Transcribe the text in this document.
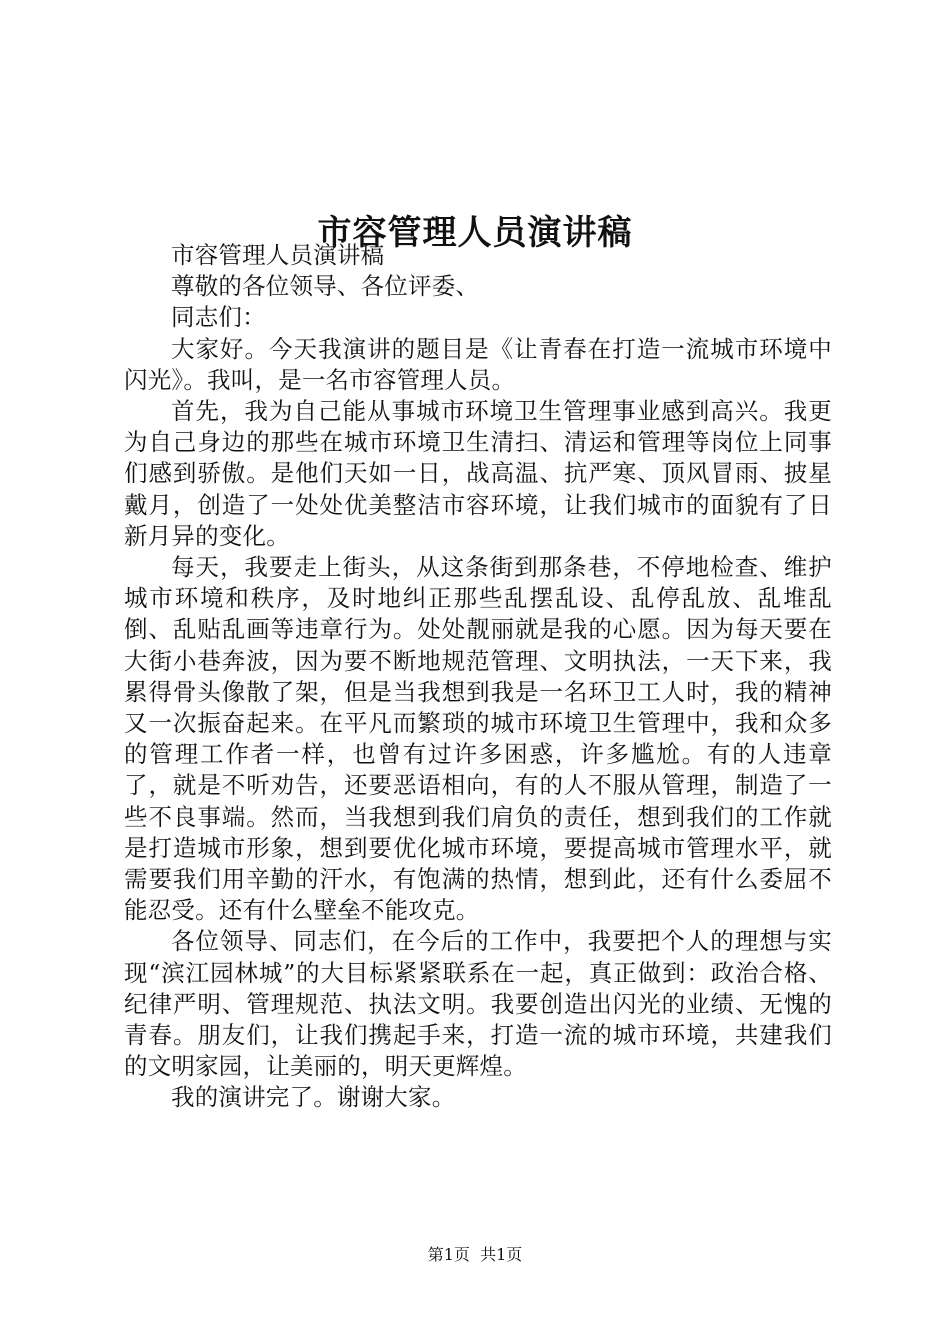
市容管理人员演讲稿

市容管理人员演讲稿

尊敬的各位领导、各位评委、

同志们：

大家好。今天我演讲的题目是《让青春在打造一流城市环境中闪光》。我叫，是一名市容管理人员。

首先，我为自己能从事城市环境卫生管理事业感到高兴。我更为自己身边的那些在城市环境卫生清扫、清运和管理等岗位上同事们感到骄傲。是他们天如一日，战高温、抗严寒、顶风冒雨、披星戴月，创造了一处处优美整洁市容环境，让我们城市的面貌有了日新月异的变化。

每天，我要走上街头，从这条街到那条巷，不停地检查、维护城市环境和秩序，及时地纠正那些乱摆乱设、乱停乱放、乱堆乱倒、乱贴乱画等违章行为。处处靓丽就是我的心愿。因为每天要在大街小巷奔波，因为要不断地规范管理、文明执法，一天下来，我累得骨头像散了架，但是当我想到我是一名环卫工人时，我的精神又一次振奋起来。在平凡而繁琐的城市环境卫生管理中，我和众多的管理工作者一样，也曾有过许多困惑，许多尴尬。有的人违章了，就是不听劝告，还要恶语相向，有的人不服从管理，制造了一些不良事端。然而，当我想到我们肩负的责任，想到我们的工作就是打造城市形象，想到要优化城市环境，要提高城市管理水平，就需要我们用辛勤的汗水，有饱满的热情，想到此，还有什么委屈不能忍受。还有什么壁垒不能攻克。

各位领导、同志们，在今后的工作中，我要把个人的理想与实现“滨江园林城”的大目标紧紧联系在一起，真正做到：政治合格、纪律严明、管理规范、执法文明。我要创造出闪光的业绩、无愧的青春。朋友们，让我们携起手来，打造一流的城市环境，共建我们的文明家园，让美丽的，明天更辉煌。

我的演讲完了。谢谢大家。

第1页 共1页
